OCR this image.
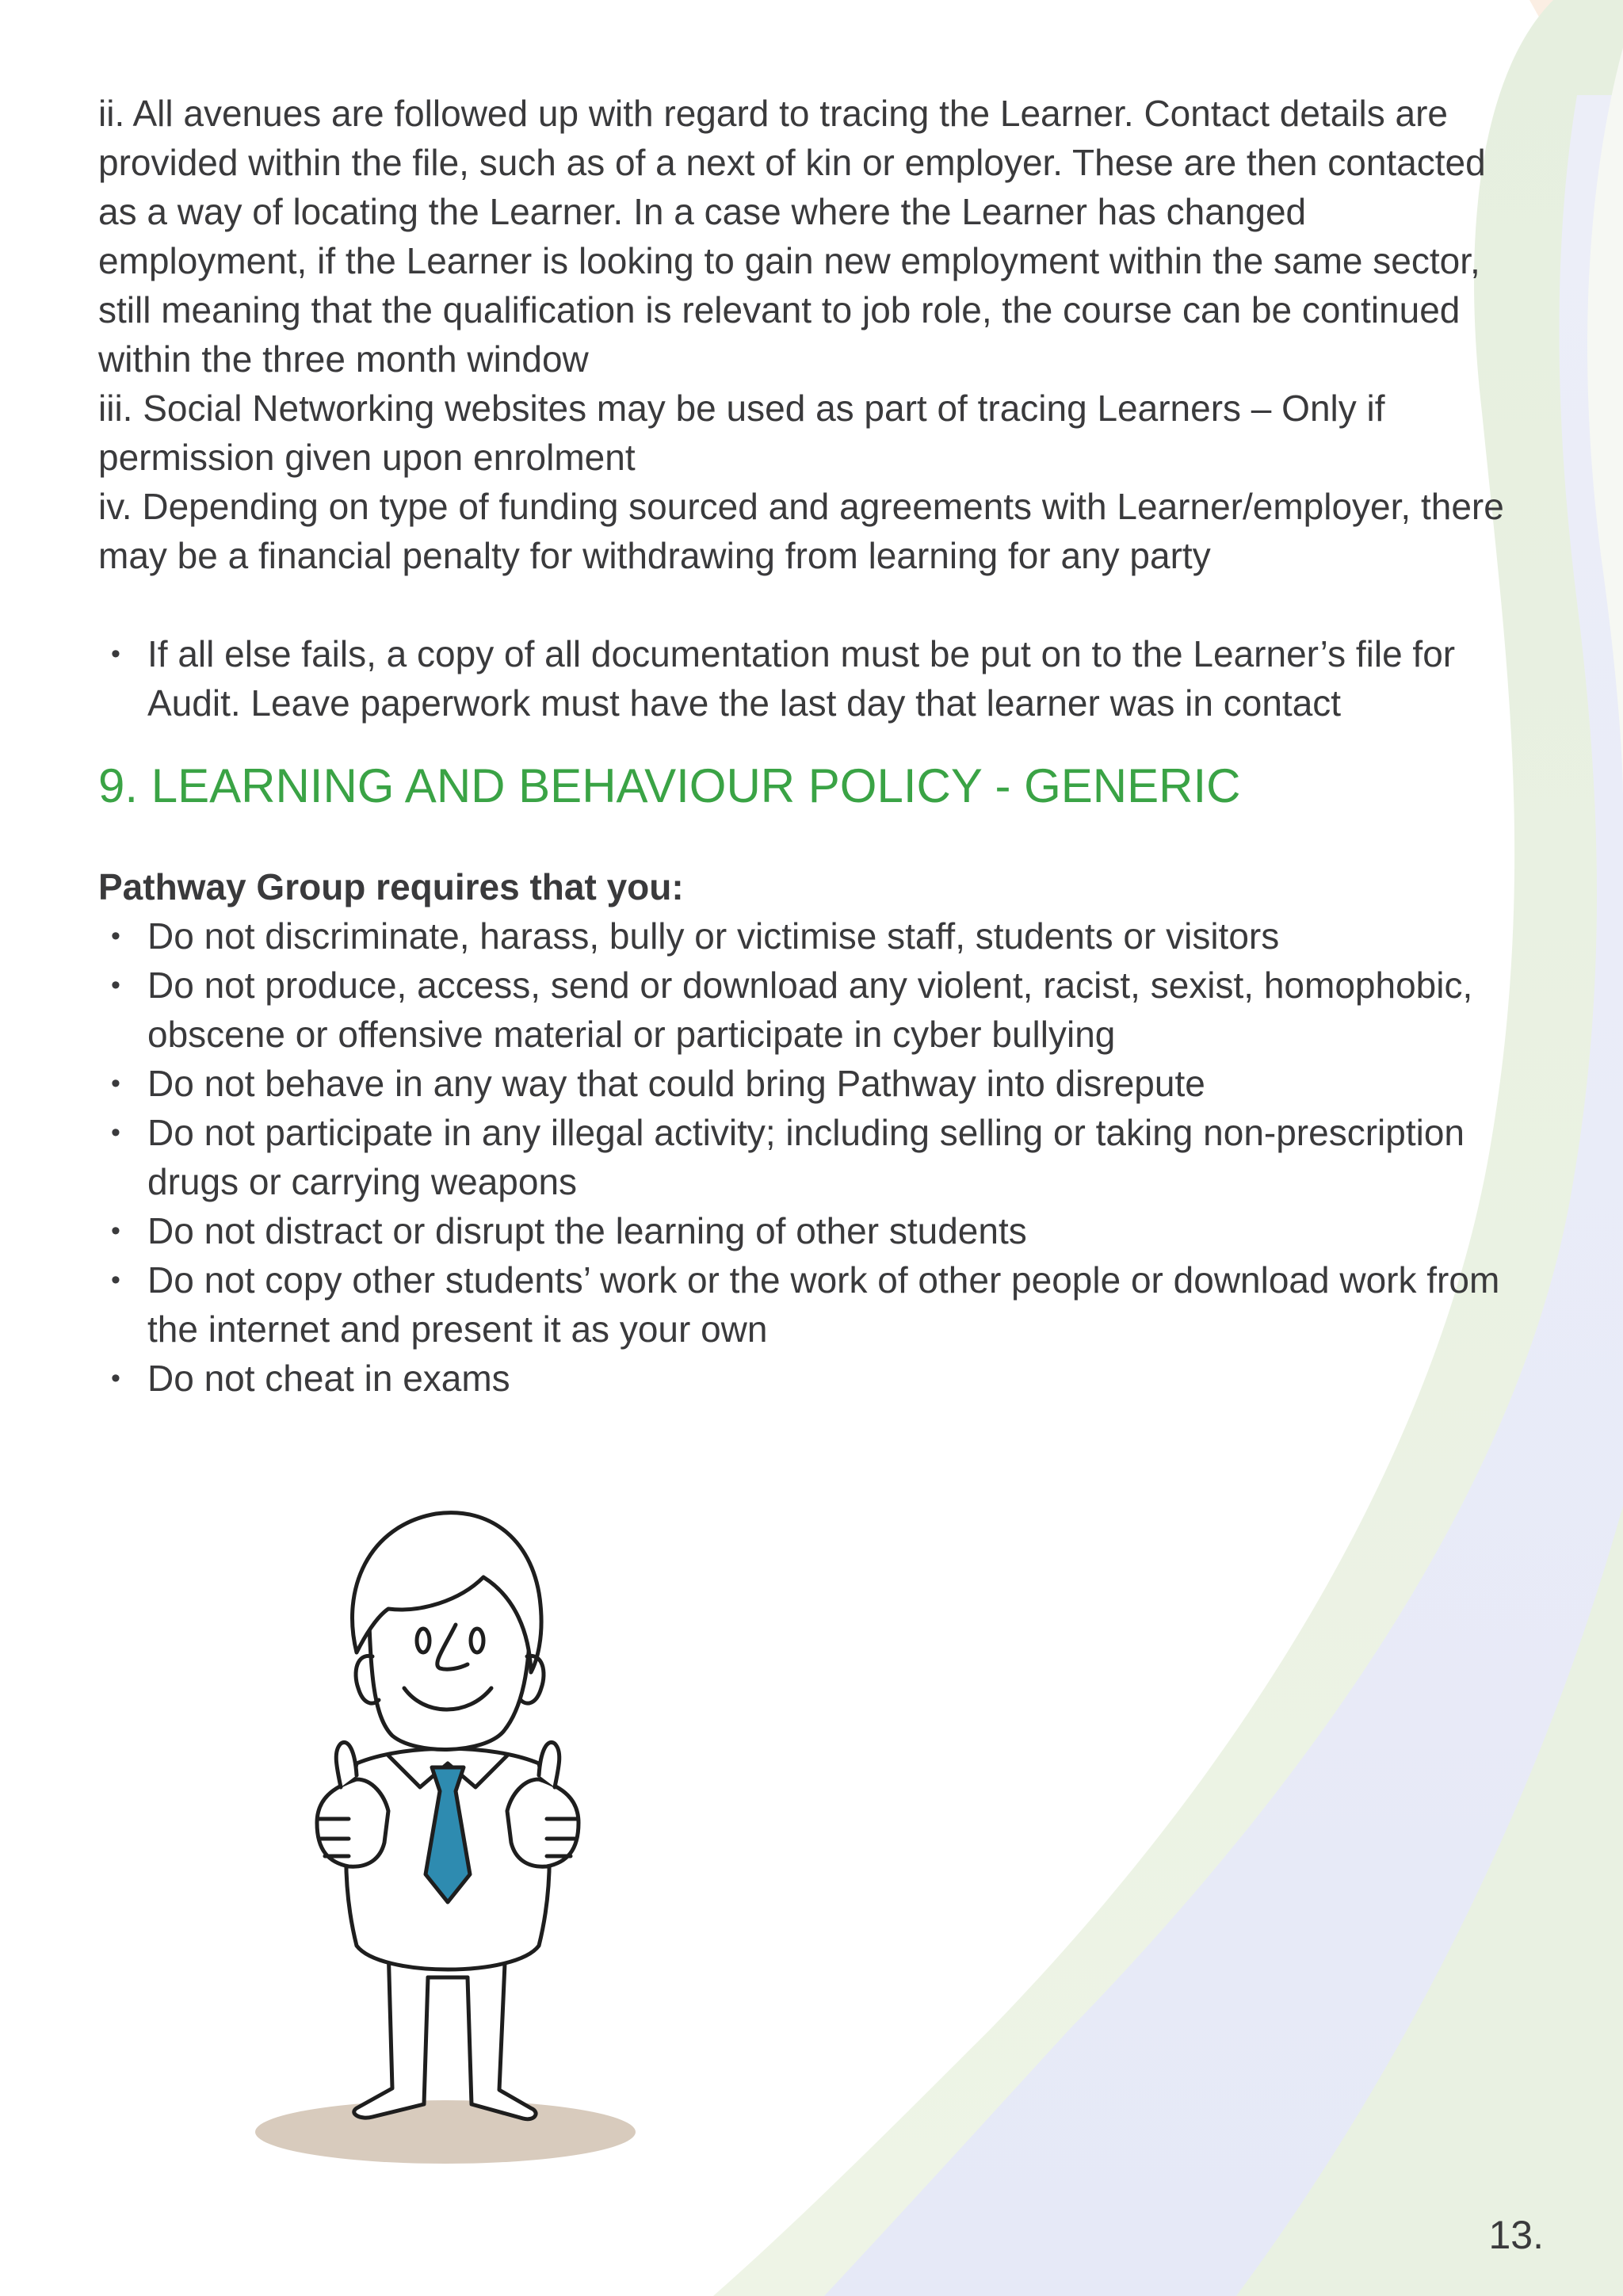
ii. All avenues are followed up with regard to tracing the Learner. Contact details are provided within the file, such as of a next of kin or employer. These are then contacted as a way of locating the Learner. In a case where the Learner has changed employment, if the Learner is looking to gain new employment within the same sector, still meaning that the qualification is relevant to job role, the course can be continued within the three month window

iii. Social Networking websites may be used as part of tracing Learners – Only if permission given upon enrolment

iv. Depending on type of funding sourced and agreements with Learner/employer, there may be a financial penalty for withdrawing from learning for any party

• If all else fails, a copy of all documentation must be put on to the Learner’s file for Audit. Leave paperwork must have the last day that learner was in contact
9. LEARNING AND BEHAVIOUR POLICY - GENERIC

Pathway Group requires that you:

• Do not discriminate, harass, bully or victimise staff, students or visitors
• Do not produce, access, send or download any violent, racist, sexist, homophobic, obscene or offensive material or participate in cyber bullying
• Do not behave in any way that could bring Pathway into disrepute
• Do not participate in any illegal activity; including selling or taking non-prescription drugs or carrying weapons
• Do not distract or disrupt the learning of other students
• Do not copy other students’ work or the work of other people or download work from the internet and present it as your own
• Do not cheat in exams
13.
